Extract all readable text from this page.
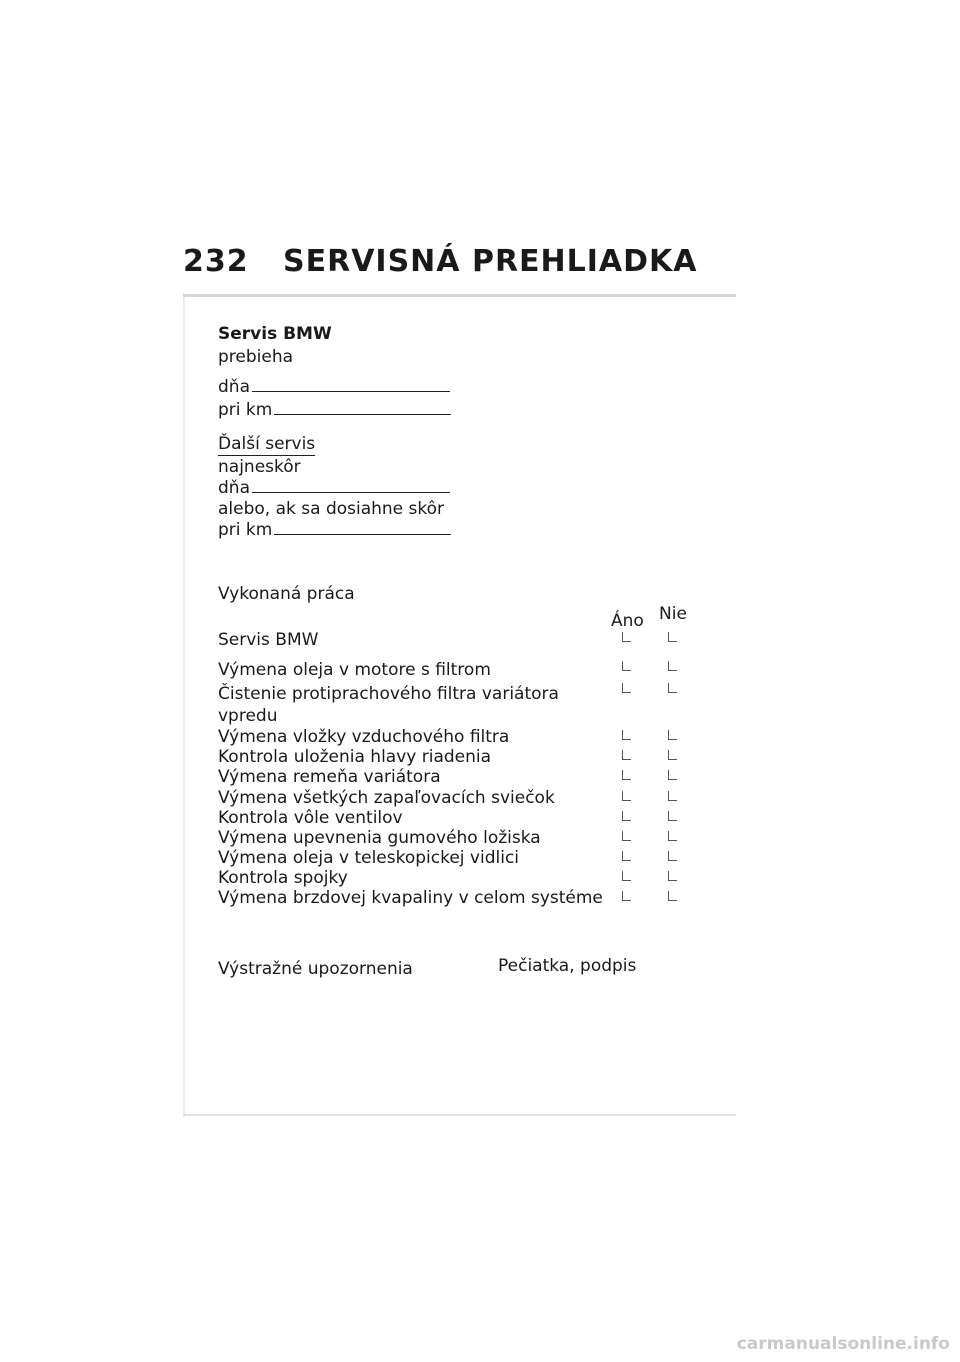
232 SERVISNÁ PREHLIADKA
Servis BMW
prebieha
dňa
pri km
Ďalší servis
najneskôr
dňa
alebo, ak sa dosiahne skôr
pri km
Vykonaná práca
Áno Nie
Servis BMW
Výmena oleja v motore s filtrom
Čistenie protiprachového filtra variátora
vpredu
Výmena vložky vzduchového filtra
Kontrola uloženia hlavy riadenia
Výmena remeňa variátora
Výmena všetkých zapaľovacích sviečok
Kontrola vôle ventilov
Výmena upevnenia gumového ložiska
Výmena oleja v teleskopickej vidlici
Kontrola spojky
Výmena brzdovej kvapaliny v celom systéme
Výstražné upozornenia	Pečiatka, podpis
carmanualsonline.info
